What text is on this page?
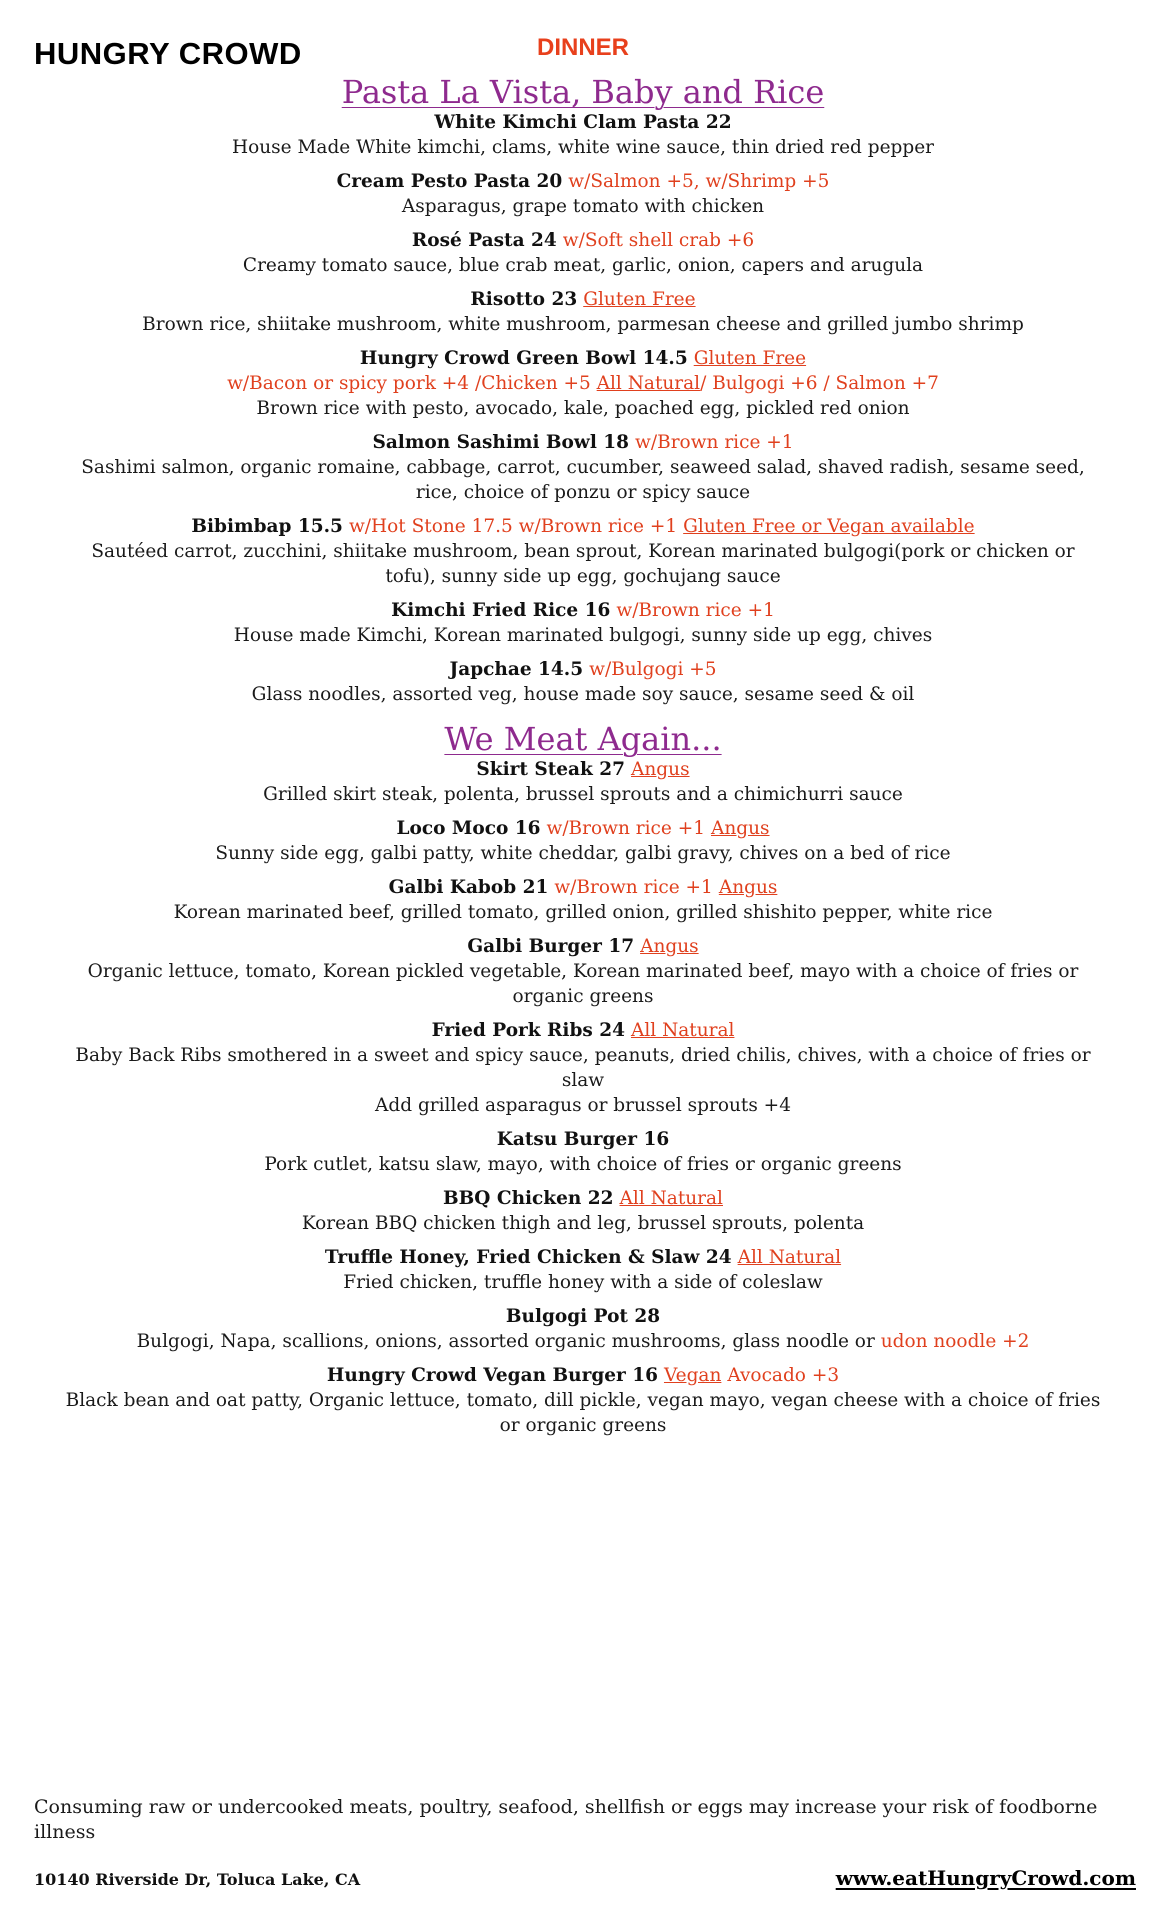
HUNGRY CROWD	DINNER
Pasta La Vista, Baby and Rice
White Kimchi Clam Pasta 22
House Made White kimchi, clams, white wine sauce, thin dried red pepper
Cream Pesto Pasta 20 w/Salmon +5, w/Shrimp +5
Asparagus, grape tomato with chicken
Rosé Pasta 24 w/Soft shell crab +6
Creamy tomato sauce, blue crab meat, garlic, onion, capers and arugula
Risotto 23 Gluten Free
Brown rice, shiitake mushroom, white mushroom, parmesan cheese and grilled jumbo shrimp
Hungry Crowd Green Bowl 14.5 Gluten Free
w/Bacon or spicy pork +4 /Chicken +5 All Natural/ Bulgogi +6 / Salmon +7
Brown rice with pesto, avocado, kale, poached egg, pickled red onion
Salmon Sashimi Bowl 18 w/Brown rice +1
Sashimi salmon, organic romaine, cabbage, carrot, cucumber, seaweed salad, shaved radish, sesame seed,
rice, choice of ponzu or spicy sauce
Bibimbap 15.5 w/Hot Stone 17.5 w/Brown rice +1 Gluten Free or Vegan available
Sautéed carrot, zucchini, shiitake mushroom, bean sprout, Korean marinated bulgogi(pork or chicken or
tofu), sunny side up egg, gochujang sauce
Kimchi Fried Rice 16 w/Brown rice +1
House made Kimchi, Korean marinated bulgogi, sunny side up egg, chives
Japchae 14.5 w/Bulgogi +5
Glass noodles, assorted veg, house made soy sauce, sesame seed & oil
We Meat Again...
Skirt Steak 27 Angus
Grilled skirt steak, polenta, brussel sprouts and a chimichurri sauce
Loco Moco 16 w/Brown rice +1 Angus
Sunny side egg, galbi patty, white cheddar, galbi gravy, chives on a bed of rice
Galbi Kabob 21 w/Brown rice +1 Angus
Korean marinated beef, grilled tomato, grilled onion, grilled shishito pepper, white rice
Galbi Burger 17 Angus
Organic lettuce, tomato, Korean pickled vegetable, Korean marinated beef, mayo with a choice of fries or
organic greens
Fried Pork Ribs 24 All Natural
Baby Back Ribs smothered in a sweet and spicy sauce, peanuts, dried chilis, chives, with a choice of fries or
slaw
Add grilled asparagus or brussel sprouts +4
Katsu Burger 16
Pork cutlet, katsu slaw, mayo, with choice of fries or organic greens
BBQ Chicken 22 All Natural
Korean BBQ chicken thigh and leg, brussel sprouts, polenta
Truffle Honey, Fried Chicken & Slaw 24 All Natural
Fried chicken, truffle honey with a side of coleslaw
Bulgogi Pot 28
Bulgogi, Napa, scallions, onions, assorted organic mushrooms, glass noodle or udon noodle +2
Hungry Crowd Vegan Burger 16 Vegan Avocado +3
Black bean and oat patty, Organic lettuce, tomato, dill pickle, vegan mayo, vegan cheese with a choice of fries
or organic greens
Consuming raw or undercooked meats, poultry, seafood, shellfish or eggs may increase your risk of foodborne illness
10140 Riverside Dr, Toluca Lake, CA	www.eatHungryCrowd.com
